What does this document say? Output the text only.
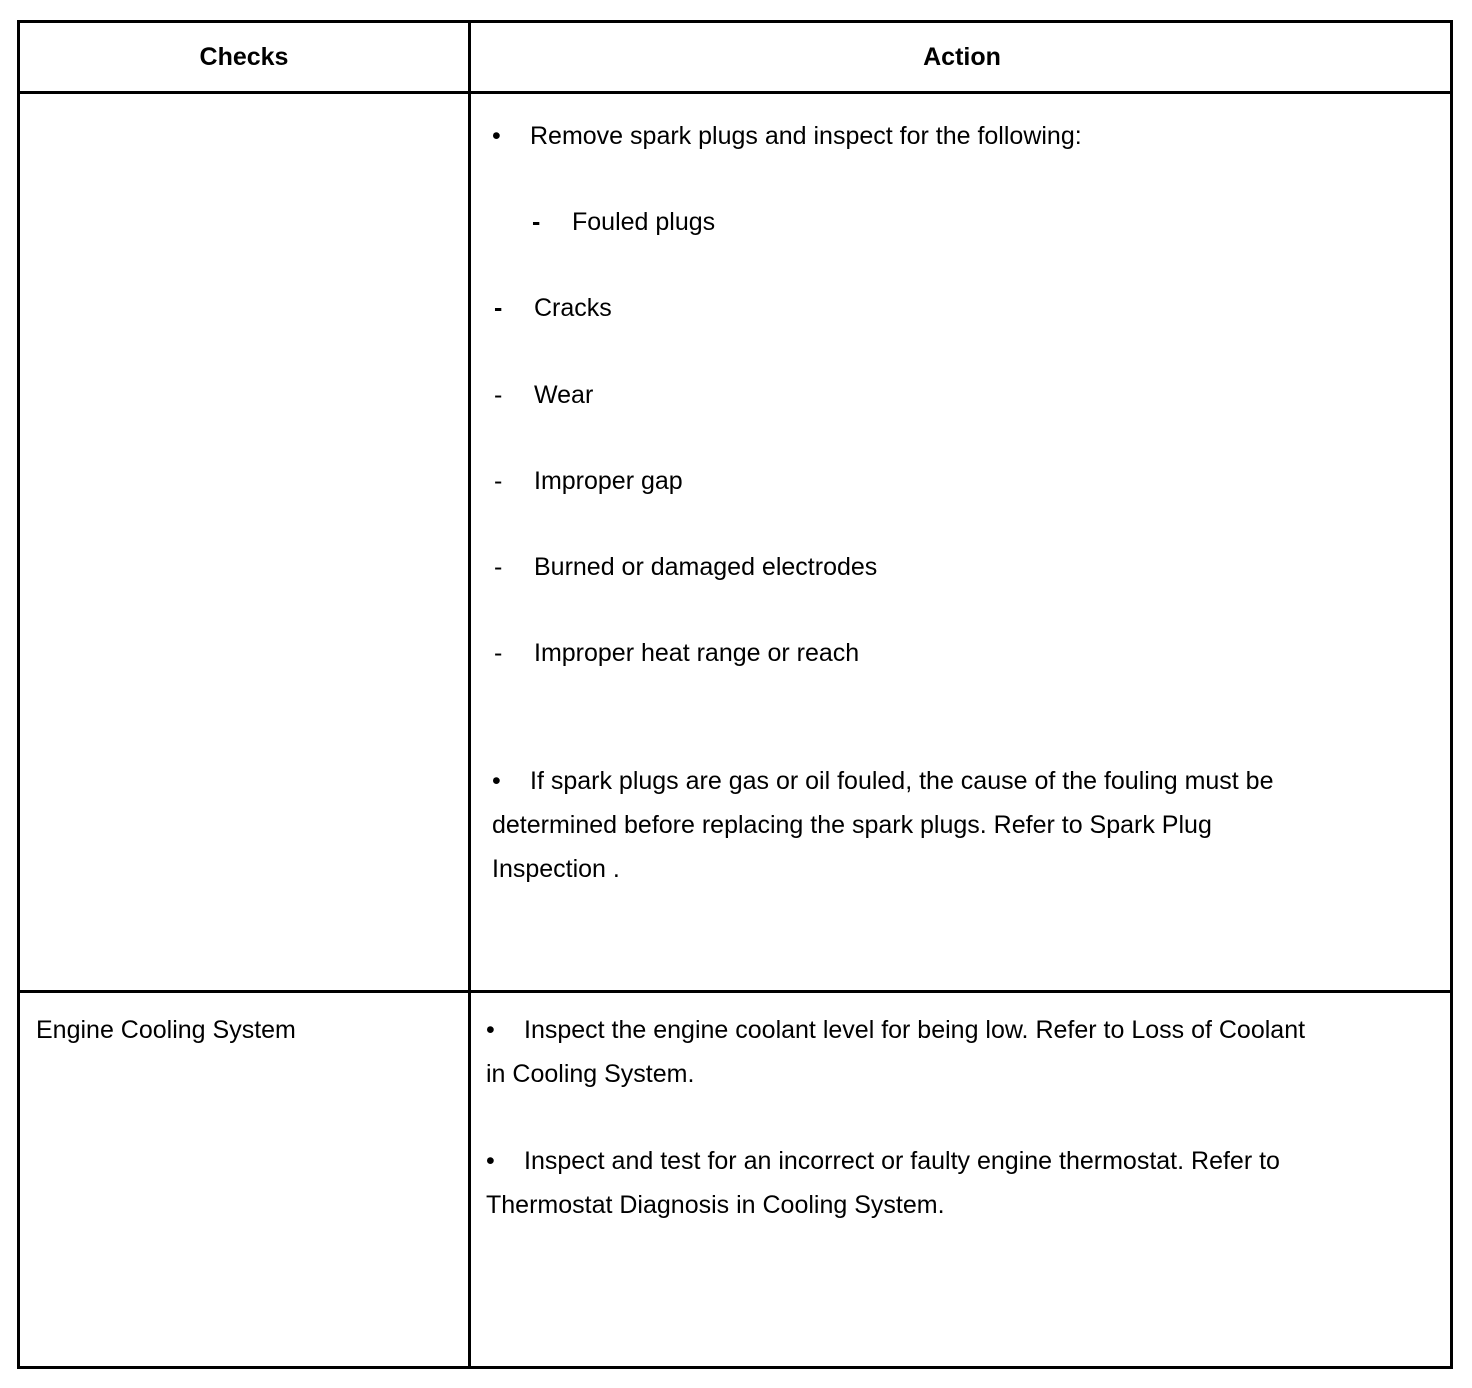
Checks	Action
• Remove spark plugs and inspect for the following:
- Fouled plugs
- Cracks
- Wear
- Improper gap
- Burned or damaged electrodes
- Improper heat range or reach
• If spark plugs are gas or oil fouled, the cause of the fouling must be determined before replacing the spark plugs. Refer to Spark Plug Inspection .
Engine Cooling System	• Inspect the engine coolant level for being low. Refer to Loss of Coolant in Cooling System.
• Inspect and test for an incorrect or faulty engine thermostat. Refer to Thermostat Diagnosis in Cooling System.
